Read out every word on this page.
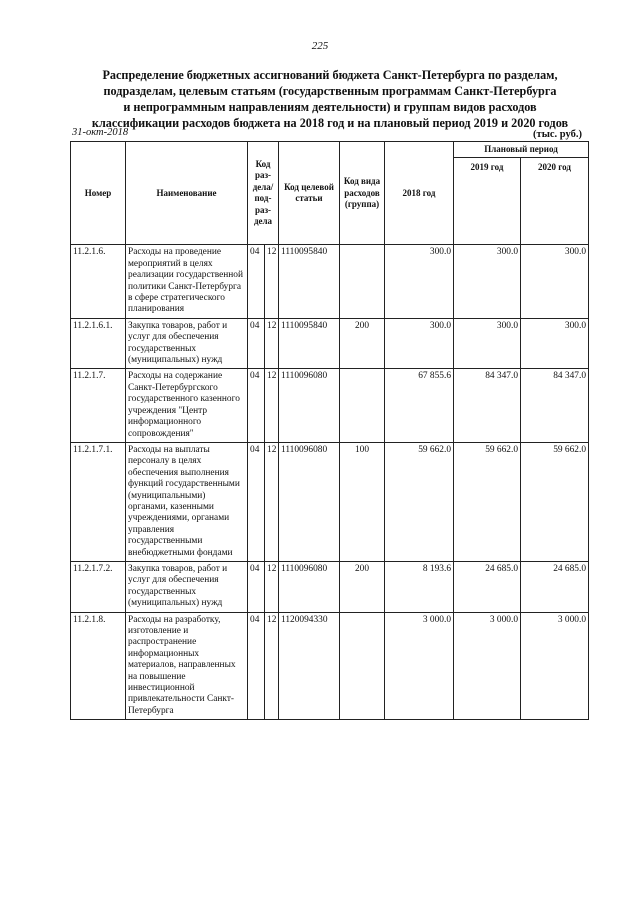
225
Распределение бюджетных ассигнований бюджета Санкт-Петербурга по разделам,
подразделам, целевым статьям (государственным программам Санкт-Петербурга
и непрограммным направлениям деятельности) и группам видов расходов
классификации расходов бюджета на 2018 год и на плановый период 2019 и 2020 годов
31-окт-2018	(тыс. руб.)
Номер	Наименование	Код раз- дела/ под- раз- дела		Код целевой статьи	Код вида расходов (группа)	2018 год	Плановый период	
							2019 год	2020 год
11.2.1.6.	Расходы на проведение мероприятий в целях реализации государственной политики Санкт-Петербурга в сфере стратегического планирования	04	12	1110095840		300.0	300.0	300.0
11.2.1.6.1.	Закупка товаров, работ и услуг для обеспечения государственных (муниципальных) нужд	04	12	1110095840	200	300.0	300.0	300.0
11.2.1.7.	Расходы на содержание Санкт-Петербургского государственного казенного учреждения "Центр информационного сопровождения"	04	12	1110096080		67 855.6	84 347.0	84 347.0
11.2.1.7.1.	Расходы на выплаты персоналу в целях обеспечения выполнения функций государственными (муниципальными) органами, казенными учреждениями, органами управления государственными внебюджетными фондами	04	12	1110096080	100	59 662.0	59 662.0	59 662.0
11.2.1.7.2.	Закупка товаров, работ и услуг для обеспечения государственных (муниципальных) нужд	04	12	1110096080	200	8 193.6	24 685.0	24 685.0
11.2.1.8.	Расходы на разработку, изготовление и распространение информационных материалов, направленных на повышение инвестиционной привлекательности Санкт-Петербурга	04	12	1120094330		3 000.0	3 000.0	3 000.0
